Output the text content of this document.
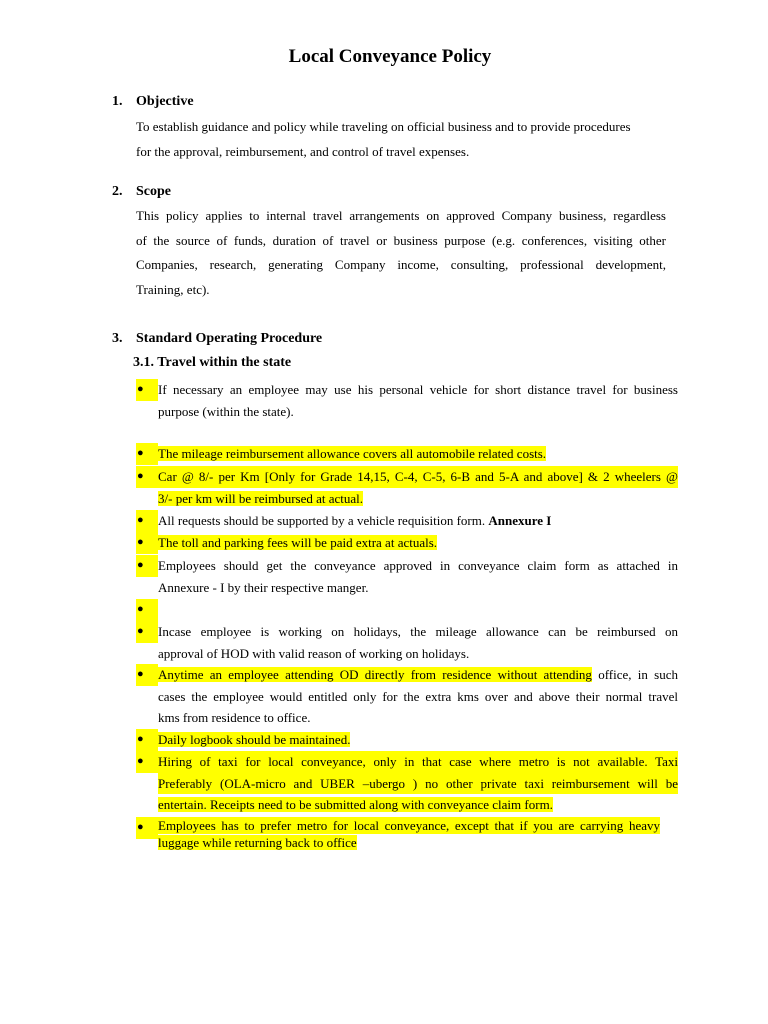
Local Conveyance Policy
1. Objective
To establish guidance and policy while traveling on official business and to provide procedures
for the approval, reimbursement, and control of travel expenses.
2. Scope
This policy applies to internal travel arrangements on approved Company business, regardless
of the source of funds, duration of travel or business purpose (e.g. conferences, visiting other
Companies, research, generating Company income, consulting, professional development,
Training, etc).
3. Standard Operating Procedure
3.1. Travel within the state
●	If necessary an employee may use his personal vehicle for short distance travel for business
purpose (within the state).
●	The mileage reimbursement allowance covers all automobile related costs.
●	Car @ 8/- per Km [Only for Grade 14,15, C-4, C-5, 6-B and 5-A and above] & 2 wheelers @
3/- per km will be reimbursed at actual.
●	All requests should be supported by a vehicle requisition form. Annexure I
●	The toll and parking fees will be paid extra at actuals.
●	Employees should get the conveyance approved in conveyance claim form as attached in
Annexure - I by their respective manger.
●
●	Incase employee is working on holidays, the mileage allowance can be reimbursed on
approval of HOD with valid reason of working on holidays.
●	Anytime an employee attending OD directly from residence without attending office, in such
cases the employee would entitled only for the extra kms over and above their normal travel
kms from residence to office.
●	Daily logbook should be maintained.
●	Hiring of taxi for local conveyance, only in that case where metro is not available. Taxi
Preferably (OLA-micro and UBER –ubergo ) no other private taxi reimbursement will be
entertain. Receipts need to be submitted along with conveyance claim form.
●	Employees has to prefer metro for local conveyance, except that if you are carrying heavy
luggage while returning back to office
